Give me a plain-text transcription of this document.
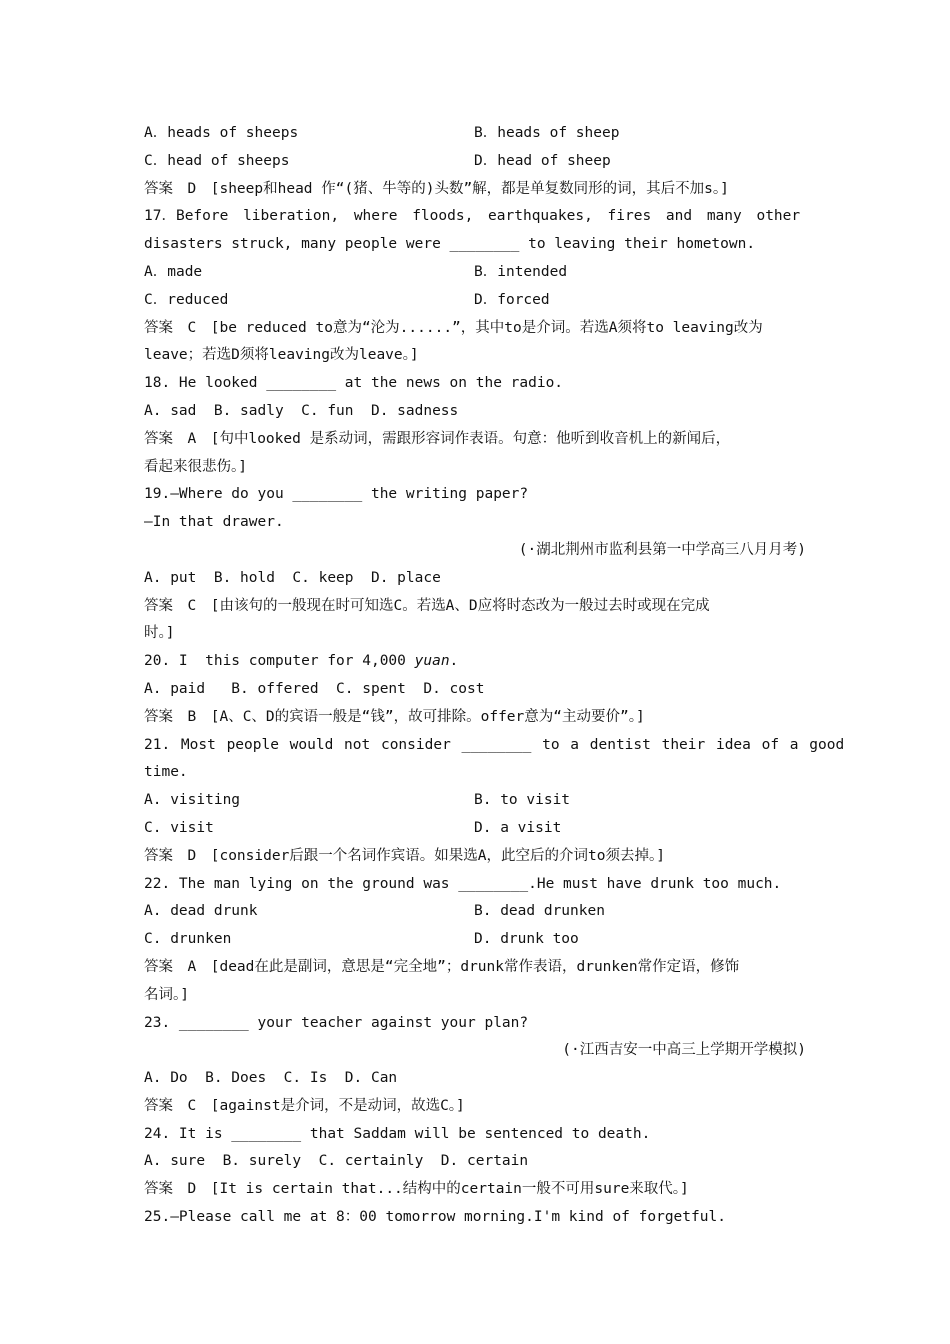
A．heads of sheeps	B．heads of sheep
C．head of sheeps	D．head of sheep
答案　D　[sheep和head 作“(猪、牛等的)头数”解，都是单复数同形的词，其后不加s。]
17．Before liberation, where floods, earthquakes, fires and many other
disasters struck, many people were ________ to leaving their hometown.
A．made	B．intended
C．reduced	D．forced
答案　C　[be reduced to意为“沦为......”，其中to是介词。若选A须将to leaving改为
leave；若选D须将leaving改为leave。]
18. He looked ________ at the news on the radio.
A. sad  B. sadly  C. fun  D. sadness
答案　A　[句中looked 是系动词，需跟形容词作表语。句意：他听到收音机上的新闻后，
看起来很悲伤。]
19.—Where do you ________ the writing paper?
—In that drawer.
(·湖北荆州市监利县第一中学高三八月月考)
A. put  B. hold  C. keep  D. place
答案　C　[由该句的一般现在时可知选C。若选A、D应将时态改为一般过去时或现在完成
时。]
20. I  this computer for 4,000 yuan.
A. paid   B. offered  C. spent  D. cost
答案　B　[A、C、D的宾语一般是“钱”，故可排除。offer意为“主动要价”。]
21. Most people would not consider ________ to a dentist their idea of a good
time.
A. visiting	B. to visit
C. visit	D. a visit
答案　D　[consider后跟一个名词作宾语。如果选A，此空后的介词to须去掉。]
22. The man lying on the ground was ________.He must have drunk too much.
A. dead drunk	B. dead drunken
C. drunken	D. drunk too
答案　A　[dead在此是副词，意思是“完全地”；drunk常作表语，drunken常作定语，修饰
名词。]
23. ________ your teacher against your plan?
(·江西吉安一中高三上学期开学模拟)
A. Do  B. Does  C. Is  D. Can
答案　C　[against是介词，不是动词，故选C。]
24. It is ________ that Saddam will be sentenced to death.
A. sure  B. surely  C. certainly  D. certain
答案　D　[It is certain that...结构中的certain一般不可用sure来取代。]
25.—Please call me at 8：00 tomorrow morning.I'm kind of forgetful.
